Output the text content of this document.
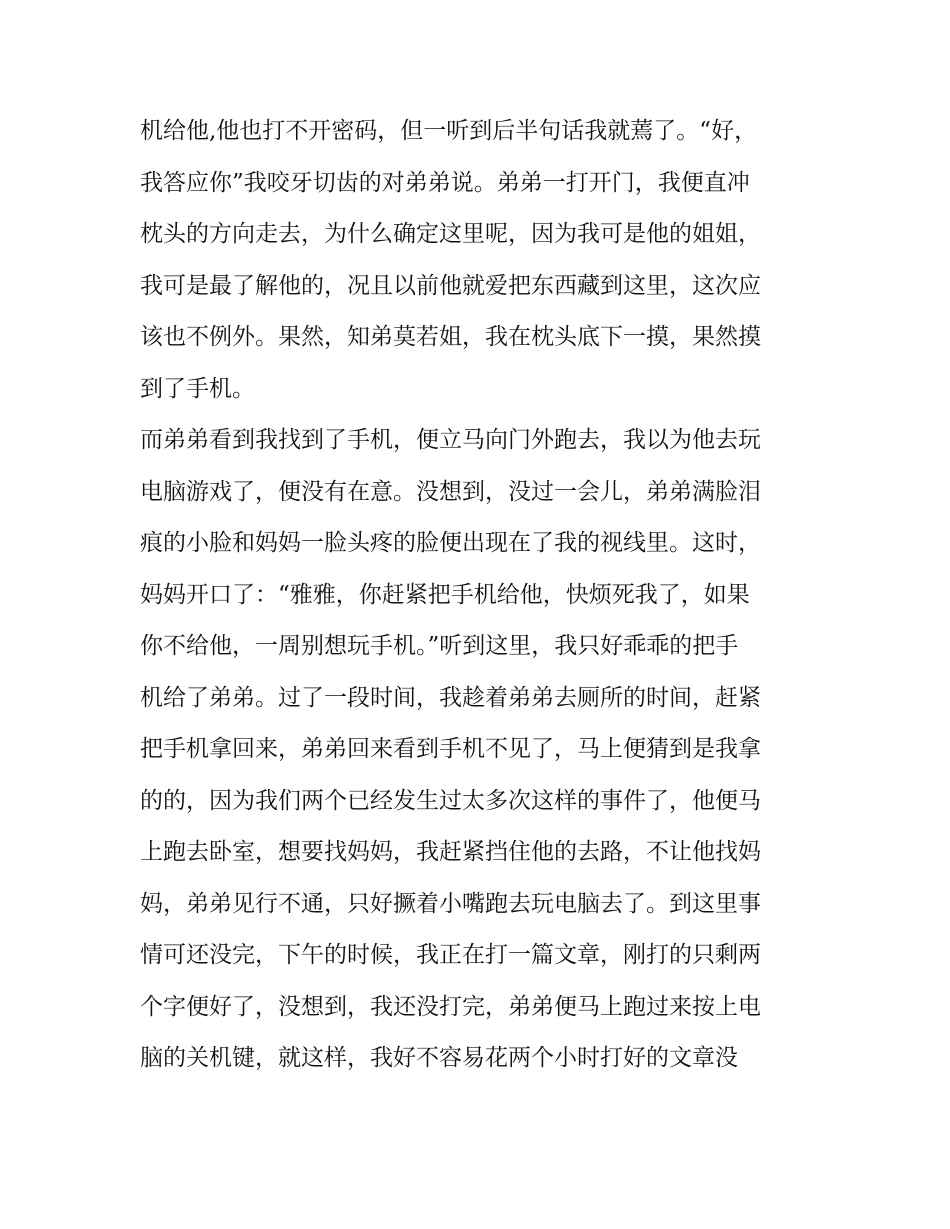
机给他,他也打不开密码，但一听到后半句话我就蔫了。“好，
我答应你”我咬牙切齿的对弟弟说。弟弟一打开门，我便直冲
枕头的方向走去，为什么确定这里呢，因为我可是他的姐姐，
我可是最了解他的，况且以前他就爱把东西藏到这里，这次应
该也不例外。果然，知弟莫若姐，我在枕头底下一摸，果然摸
到了手机。
而弟弟看到我找到了手机，便立马向门外跑去，我以为他去玩
电脑游戏了，便没有在意。没想到，没过一会儿，弟弟满脸泪
痕的小脸和妈妈一脸头疼的脸便出现在了我的视线里。这时，
妈妈开口了：“雅雅，你赶紧把手机给他，快烦死我了，如果
你不给他，一周别想玩手机。”听到这里，我只好乖乖的把手
机给了弟弟。过了一段时间，我趁着弟弟去厕所的时间，赶紧
把手机拿回来，弟弟回来看到手机不见了，马上便猜到是我拿
的的，因为我们两个已经发生过太多次这样的事件了，他便马
上跑去卧室，想要找妈妈，我赶紧挡住他的去路，不让他找妈
妈，弟弟见行不通，只好撅着小嘴跑去玩电脑去了。到这里事
情可还没完，下午的时候，我正在打一篇文章，刚打的只剩两
个字便好了，没想到，我还没打完，弟弟便马上跑过来按上电
脑的关机键，就这样，我好不容易花两个小时打好的文章没
